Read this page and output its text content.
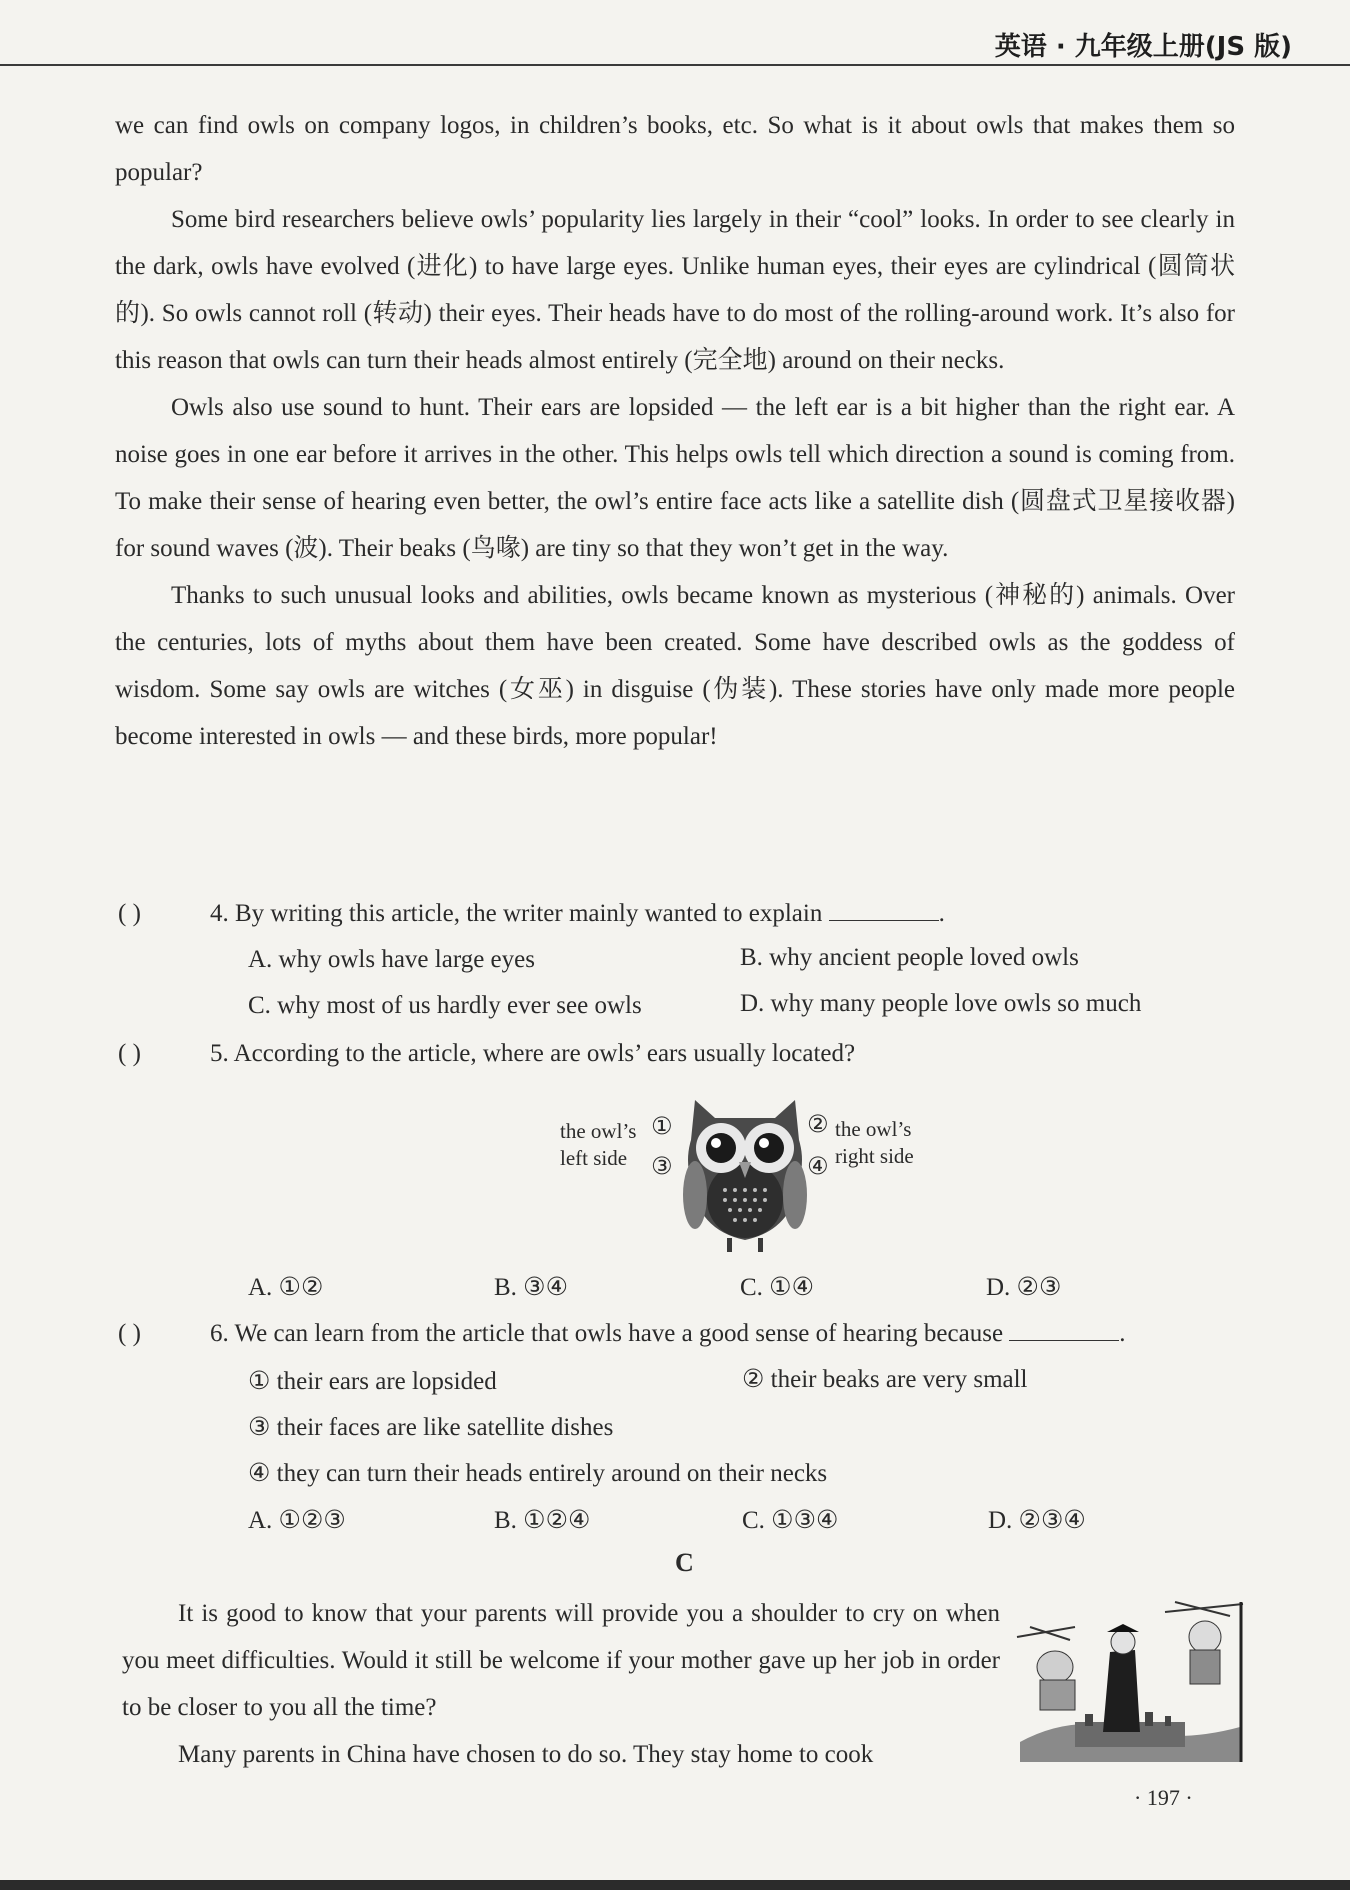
英语 · 九年级上册(JS 版)

we can find owls on company logos, in children’s books, etc. So what is it about owls that makes them so popular?

Some bird researchers believe owls’ popularity lies largely in their “cool” looks. In order to see clearly in the dark, owls have evolved (进化) to have large eyes. Unlike human eyes, their eyes are cylindrical (圆筒状的). So owls cannot roll (转动) their eyes. Their heads have to do most of the rolling-around work. It’s also for this reason that owls can turn their heads almost entirely (完全地) around on their necks.

Owls also use sound to hunt. Their ears are lopsided — the left ear is a bit higher than the right ear. A noise goes in one ear before it arrives in the other. This helps owls tell which direction a sound is coming from. To make their sense of hearing even better, the owl’s entire face acts like a satellite dish (圆盘式卫星接收器) for sound waves (波). Their beaks (鸟喙) are tiny so that they won’t get in the way.

Thanks to such unusual looks and abilities, owls became known as mysterious (神秘的) animals. Over the centuries, lots of myths about them have been created. Some have described owls as the goddess of wisdom. Some say owls are witches (女巫) in disguise (伪装). These stories have only made more people become interested in owls — and these birds, more popular!

( )	4. By writing this article, the writer mainly wanted to explain	.
A. why owls have large eyes	B. why ancient people loved owls
C. why most of us hardly ever see owls	D. why many people love owls so much
( )	5. According to the article, where are owls’ ears usually located?
the owl’s
left side
①
③
②
④
the owl’s
right side
A. ①②	B. ③④	C. ①④	D. ②③
( )	6. We can learn from the article that owls have a good sense of hearing because	.
① their ears are lopsided	② their beaks are very small
③ their faces are like satellite dishes
④ they can turn their heads entirely around on their necks
A. ①②③	B. ①②④	C. ①③④	D. ②③④
C

It is good to know that your parents will provide you a shoulder to cry on when you meet difficulties. Would it still be welcome if your mother gave up her job in order to be closer to you all the time?

Many parents in China have chosen to do so. They stay home to cook

· 197 ·
